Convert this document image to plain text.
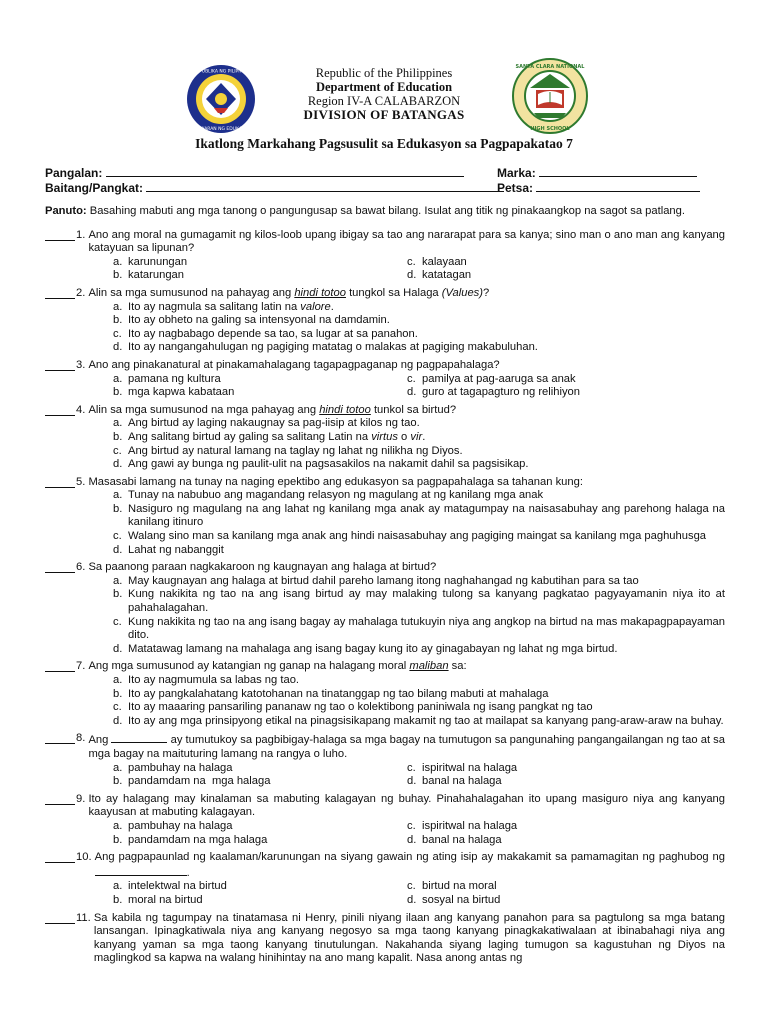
REPUBLIKA NG PILIPINAS
KAGAWARAN NG EDUKASYON
Republic of the Philippines
Department of Education
Region IV-A CALABARZON
DIVISION OF BATANGAS
SANTA CLARA NATIONAL
HIGH SCHOOL
Ikatlong Markahang Pagsusulit sa Edukasyon sa Pagpapakatao 7
Pangalan:	Marka:
Baitang/Pangkat:	Petsa:

Panuto: Basahing mabuti ang mga tanong o pangungusap sa bawat bilang. Isulat ang titik ng pinakaangkop na sagot sa patlang.

1.
Ano ang moral na gumagamit ng kilos-loob upang ibigay sa tao ang nararapat para sa kanya; sino man o ano man ang kanyang katayuan sa lipunan?
a. karunungan	c. kalayaan
b. katarungan	d. katatagan
2.
Alin sa mga sumusunod na pahayag ang hindi totoo tungkol sa Halaga (Values)?
a. Ito ay nagmula sa salitang latin na valore.
b. Ito ay obheto na galing sa intensyonal na damdamin.
c. Ito ay nagbabago depende sa tao, sa lugar at sa panahon.
d. Ito ay nangangahulugan ng pagiging matatag o malakas at pagiging makabuluhan.
3.
Ano ang pinakanatural at pinakamahalagang tagapagpaganap ng pagpapahalaga?
a. pamana ng kultura	c. pamilya at pag-aaruga sa anak
b. mga kapwa kabataan	d. guro at tagapagturo ng relihiyon
4.
Alin sa mga sumusunod na mga pahayag ang hindi totoo tunkol sa birtud?
a. Ang birtud ay laging nakaugnay sa pag-iisip at kilos ng tao.
b. Ang salitang birtud ay galing sa salitang Latin na virtus o vir.
c. Ang birtud ay natural lamang na taglay ng lahat ng nilikha ng Diyos.
d. Ang gawi ay bunga ng paulit-ulit na pagsasakilos na nakamit dahil sa pagsisikap.
5.
Masasabi lamang na tunay na naging epektibo ang edukasyon sa pagpapahalaga sa tahanan kung:
a. Tunay na nabubuo ang magandang relasyon ng magulang at ng kanilang mga anak
b. Nasiguro ng magulang na ang lahat ng kanilang mga anak ay matagumpay na naisasabuhay ang parehong halaga na kanilang itinuro
c. Walang sino man sa kanilang mga anak ang hindi naisasabuhay ang pagiging maingat sa kanilang mga paghuhusga
d. Lahat ng nabanggit
6.
Sa paanong paraan nagkakaroon ng kaugnayan ang halaga at birtud?
a. May kaugnayan ang halaga at birtud dahil pareho lamang itong naghahangad ng kabutihan para sa tao
b. Kung nakikita ng tao na ang isang birtud ay may malaking tulong sa kanyang pagkatao pagyayamanin niya ito at pahahalagahan.
c. Kung nakikita ng tao na ang isang bagay ay mahalaga tutukuyin niya ang angkop na birtud na mas makapagpapayaman dito.
d. Matatawag lamang na mahalaga ang isang bagay kung ito ay ginagabayan ng lahat ng mga birtud.
7.
Ang mga sumusunod ay katangian ng ganap na halagang moral maliban sa:
a. Ito ay nagmumula sa labas ng tao.
b. Ito ay pangkalahatang katotohanan na tinatanggap ng tao bilang mabuti at mahalaga
c. Ito ay maaaring pansariling pananaw ng tao o kolektibong paniniwala ng isang pangkat ng tao
d. Ito ay ang mga prinsipyong etikal na pinagsisikapang makamit ng tao at mailapat sa kanyang pang-araw-araw na buhay.
8.
Ang	ay tumutukoy sa pagbibigay-halaga sa mga bagay na tumutugon sa pangunahing pangangailangan ng tao at sa mga bagay na maituturing lamang na rangya o luho.
a. pambuhay na halaga	c. ispiritwal na halaga
b. pandamdam na  mga halaga	d. banal na halaga
9.
Ito ay halagang may kinalaman sa mabuting kalagayan ng buhay. Pinahahalagahan ito upang masiguro niya ang kanyang kaayusan at mabuting kalagayan.
a. pambuhay na halaga	c. ispiritwal na halaga
b. pandamdam na mga halaga	d. banal na halaga
10.
Ang pagpapaunlad ng kaalaman/karunungan na siyang gawain ng ating isip ay makakamit sa pamamagitan ng paghubog ng .
a. intelektwal na birtud	c. birtud na moral
b. moral na birtud	d. sosyal na birtud
11.
Sa kabila ng tagumpay na tinatamasa ni Henry, pinili niyang ilaan ang kanyang panahon para sa pagtulong sa mga batang lansangan. Ipinagkatiwala niya ang kanyang negosyo sa mga taong kanyang pinagkakatiwalaan at ibinabahagi niya ang kanyang yaman sa mga taong kanyang tinutulungan. Nakahanda siyang laging tumugon sa kagustuhan ng Diyos na maglingkod sa kapwa na walang hinihintay na ano mang kapalit. Nasa anong antas ng
